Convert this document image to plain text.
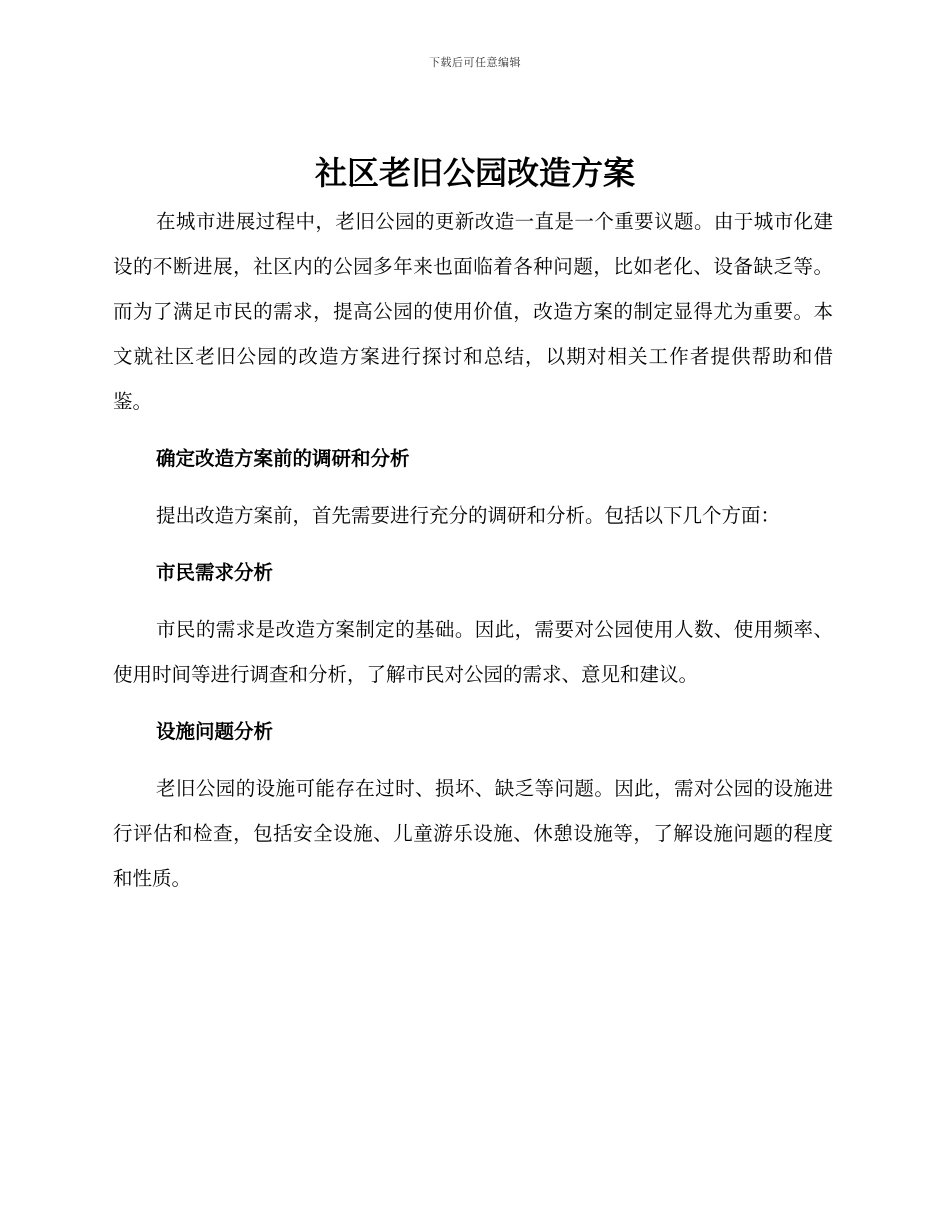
下载后可任意编辑
社区老旧公园改造方案

在城市进展过程中，老旧公园的更新改造一直是一个重要议题。由于城市化建设的不断进展，社区内的公园多年来也面临着各种问题，比如老化、设备缺乏等。而为了满足市民的需求，提高公园的使用价值，改造方案的制定显得尤为重要。本文就社区老旧公园的改造方案进行探讨和总结，以期对相关工作者提供帮助和借鉴。

确定改造方案前的调研和分析

提出改造方案前，首先需要进行充分的调研和分析。包括以下几个方面：

市民需求分析

市民的需求是改造方案制定的基础。因此，需要对公园使用人数、使用频率、使用时间等进行调查和分析，了解市民对公园的需求、意见和建议。

设施问题分析

老旧公园的设施可能存在过时、损坏、缺乏等问题。因此，需对公园的设施进行评估和检查，包括安全设施、儿童游乐设施、休憩设施等，了解设施问题的程度和性质。
